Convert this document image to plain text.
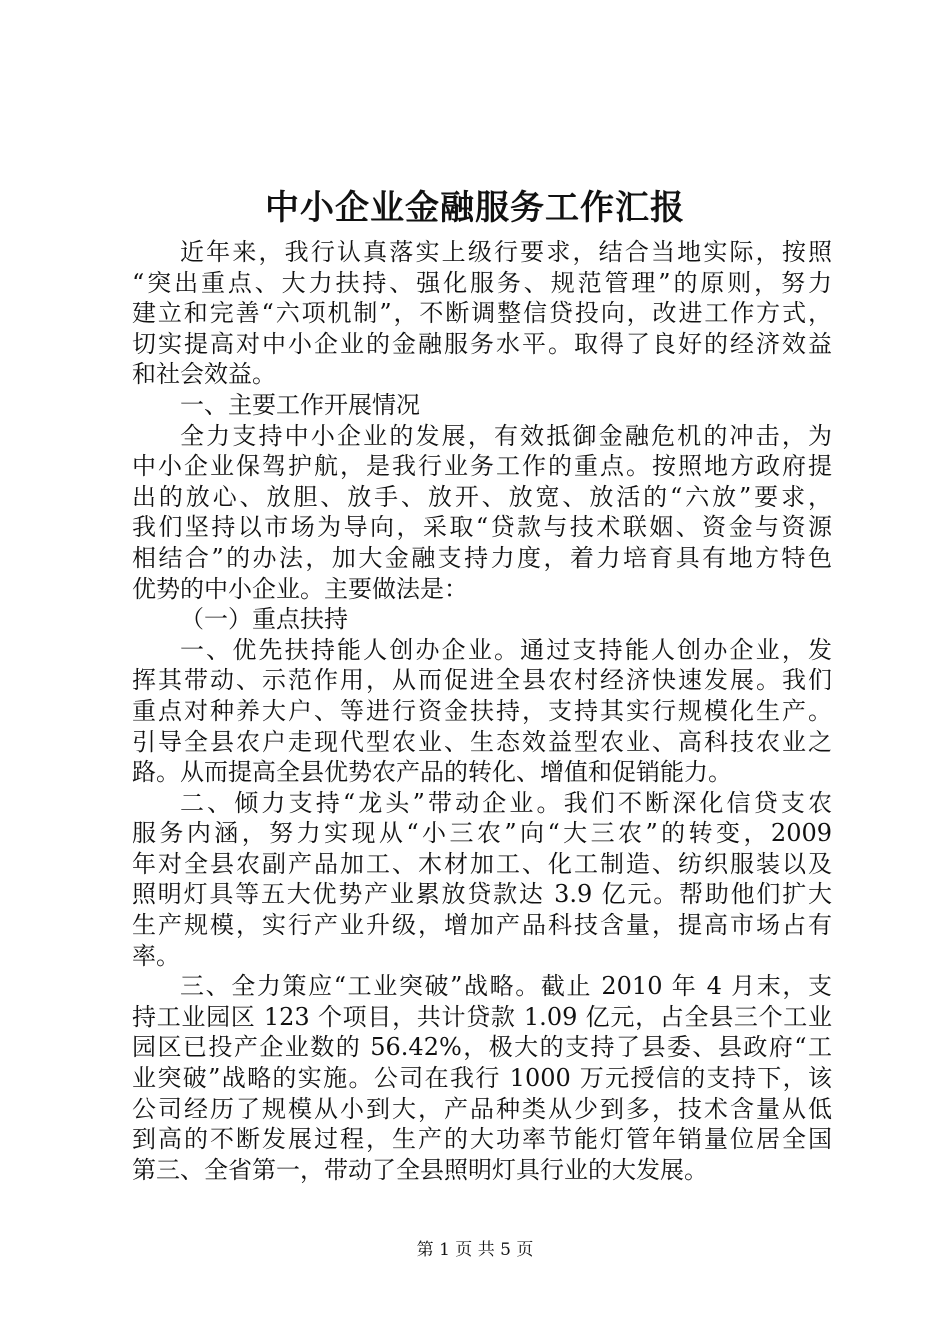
中小企业金融服务工作汇报
近年来，我行认真落实上级行要求，结合当地实际，按照
“突出重点、大力扶持、强化服务、规范管理”的原则，努力
建立和完善“六项机制”，不断调整信贷投向，改进工作方式，
切实提高对中小企业的金融服务水平。取得了良好的经济效益
和社会效益。
一、主要工作开展情况
全力支持中小企业的发展，有效抵御金融危机的冲击，为
中小企业保驾护航，是我行业务工作的重点。按照地方政府提
出的放心、放胆、放手、放开、放宽、放活的“六放”要求，
我们坚持以市场为导向，采取“贷款与技术联姻、资金与资源
相结合”的办法，加大金融支持力度，着力培育具有地方特色
优势的中小企业。主要做法是：
（一）重点扶持
一、优先扶持能人创办企业。通过支持能人创办企业，发
挥其带动、示范作用，从而促进全县农村经济快速发展。我们
重点对种养大户、等进行资金扶持，支持其实行规模化生产。
引导全县农户走现代型农业、生态效益型农业、高科技农业之
路。从而提高全县优势农产品的转化、增值和促销能力。
二、倾力支持“龙头”带动企业。我们不断深化信贷支农
服务内涵，努力实现从“小三农”向“大三农”的转变，2009
年对全县农副产品加工、木材加工、化工制造、纺织服装以及
照明灯具等五大优势产业累放贷款达 3.9 亿元。帮助他们扩大
生产规模，实行产业升级，增加产品科技含量，提高市场占有
率。
三、全力策应“工业突破”战略。截止 2010 年 4 月末，支
持工业园区 123 个项目，共计贷款 1.09 亿元，占全县三个工业
园区已投产企业数的 56.42%，极大的支持了县委、县政府“工
业突破”战略的实施。公司在我行 1000 万元授信的支持下，该
公司经历了规模从小到大，产品种类从少到多，技术含量从低
到高的不断发展过程，生产的大功率节能灯管年销量位居全国
第三、全省第一，带动了全县照明灯具行业的大发展。
第 1 页 共 5 页
